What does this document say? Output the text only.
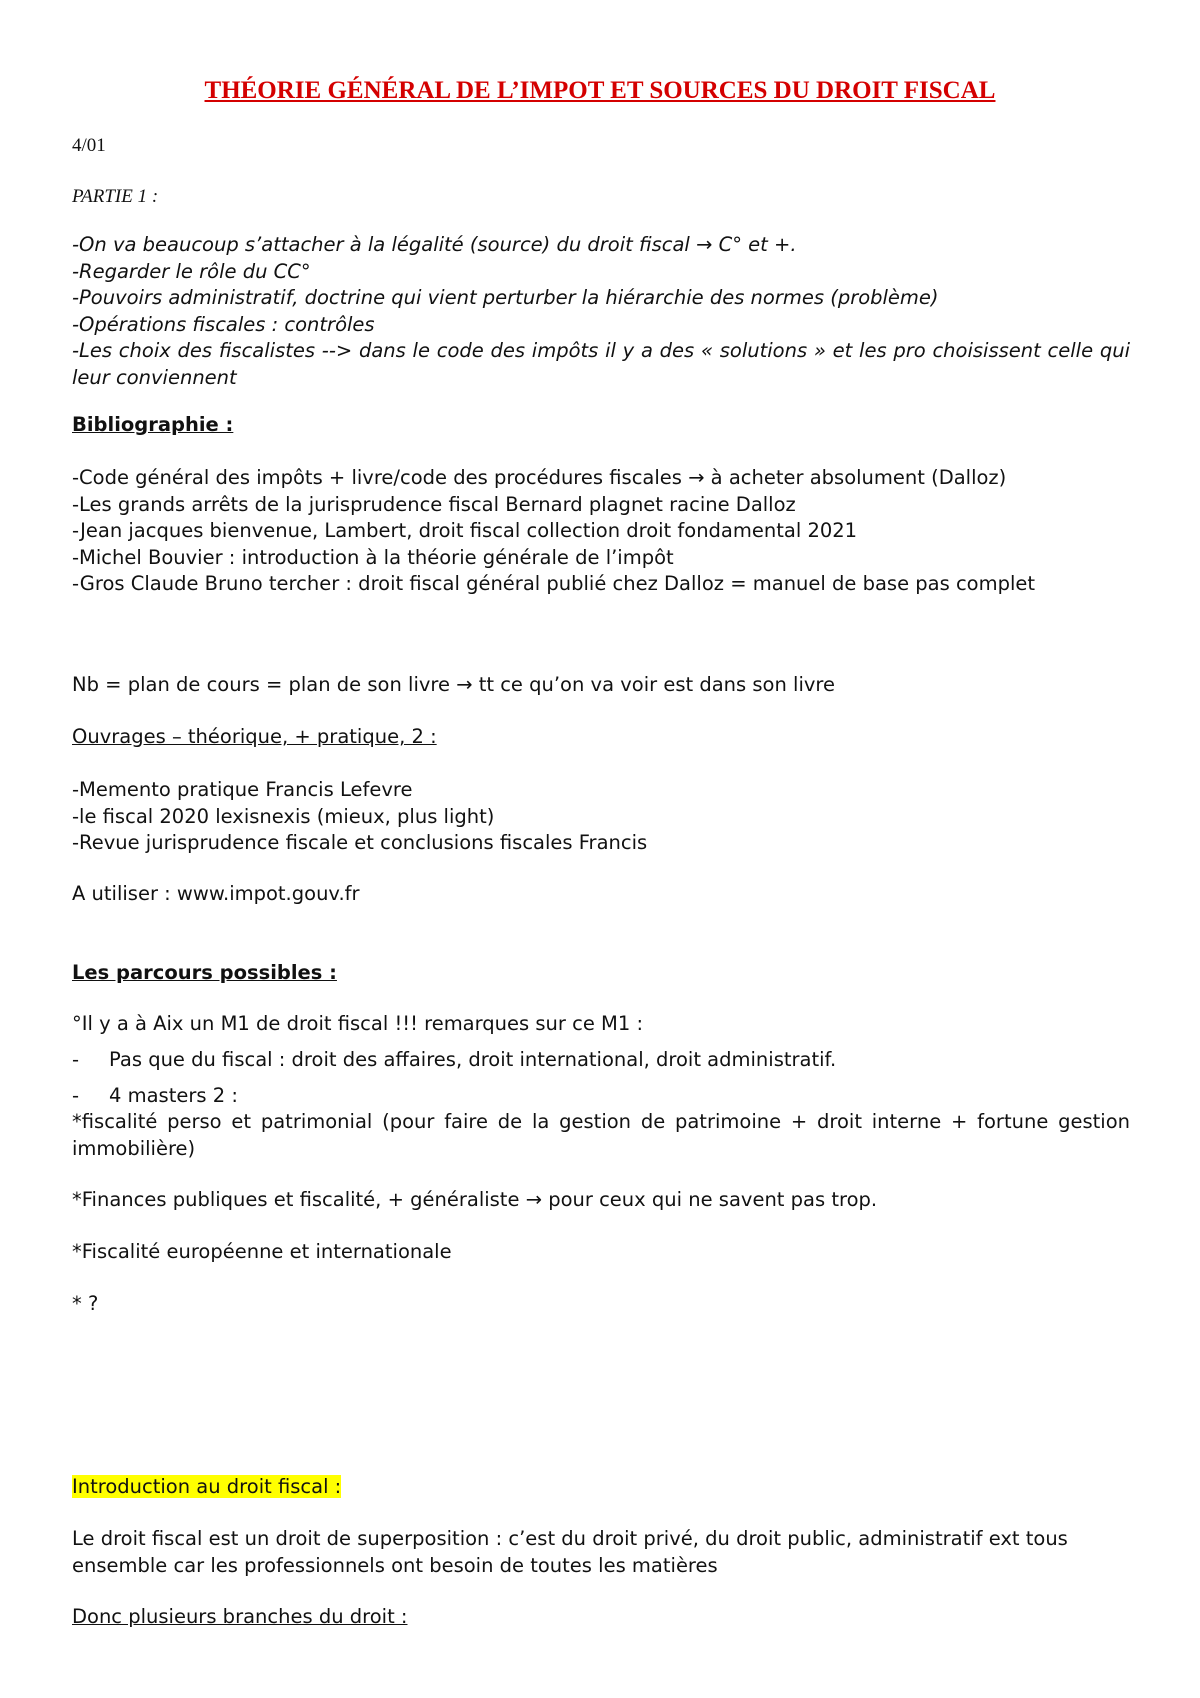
THÉORIE GÉNÉRAL DE L’IMPOT ET SOURCES DU DROIT FISCAL
4/01
PARTIE 1 :
-On va beaucoup s’attacher à la légalité (source) du droit fiscal → C° et +.
-Regarder le rôle du CC°
-Pouvoirs administratif, doctrine qui vient perturber la hiérarchie des normes (problème)
-Opérations fiscales : contrôles
-Les choix des fiscalistes --> dans le code des impôts il y a des « solutions » et les pro choisissent celle qui leur conviennent
Bibliographie :
-Code général des impôts + livre/code des procédures fiscales → à acheter absolument (Dalloz)
-Les grands arrêts de la jurisprudence fiscal Bernard plagnet racine Dalloz
-Jean jacques bienvenue, Lambert, droit fiscal collection droit fondamental 2021
-Michel Bouvier : introduction à la théorie générale de l’impôt
-Gros Claude Bruno tercher : droit fiscal général publié chez Dalloz = manuel de base pas complet
Nb = plan de cours = plan de son livre → tt ce qu’on va voir est dans son livre
Ouvrages – théorique, + pratique, 2 :
-Memento pratique Francis Lefevre
-le fiscal 2020 lexisnexis (mieux, plus light)
-Revue jurisprudence fiscale et conclusions fiscales Francis
A utiliser : www.impot.gouv.fr
Les parcours possibles :
°Il y a à Aix un M1 de droit fiscal !!! remarques sur ce M1 :
-	Pas que du fiscal : droit des affaires, droit international, droit administratif.
-	4 masters 2 :
*fiscalité perso et patrimonial (pour faire de la gestion de patrimoine + droit interne + fortune gestion immobilière)
*Finances publiques et fiscalité, + généraliste → pour ceux qui ne savent pas trop.
*Fiscalité européenne et internationale
* ?
Introduction au droit fiscal :
Le droit fiscal est un droit de superposition : c’est du droit privé, du droit public, administratif ext tous ensemble car les professionnels ont besoin de toutes les matières
Donc plusieurs branches du droit :
